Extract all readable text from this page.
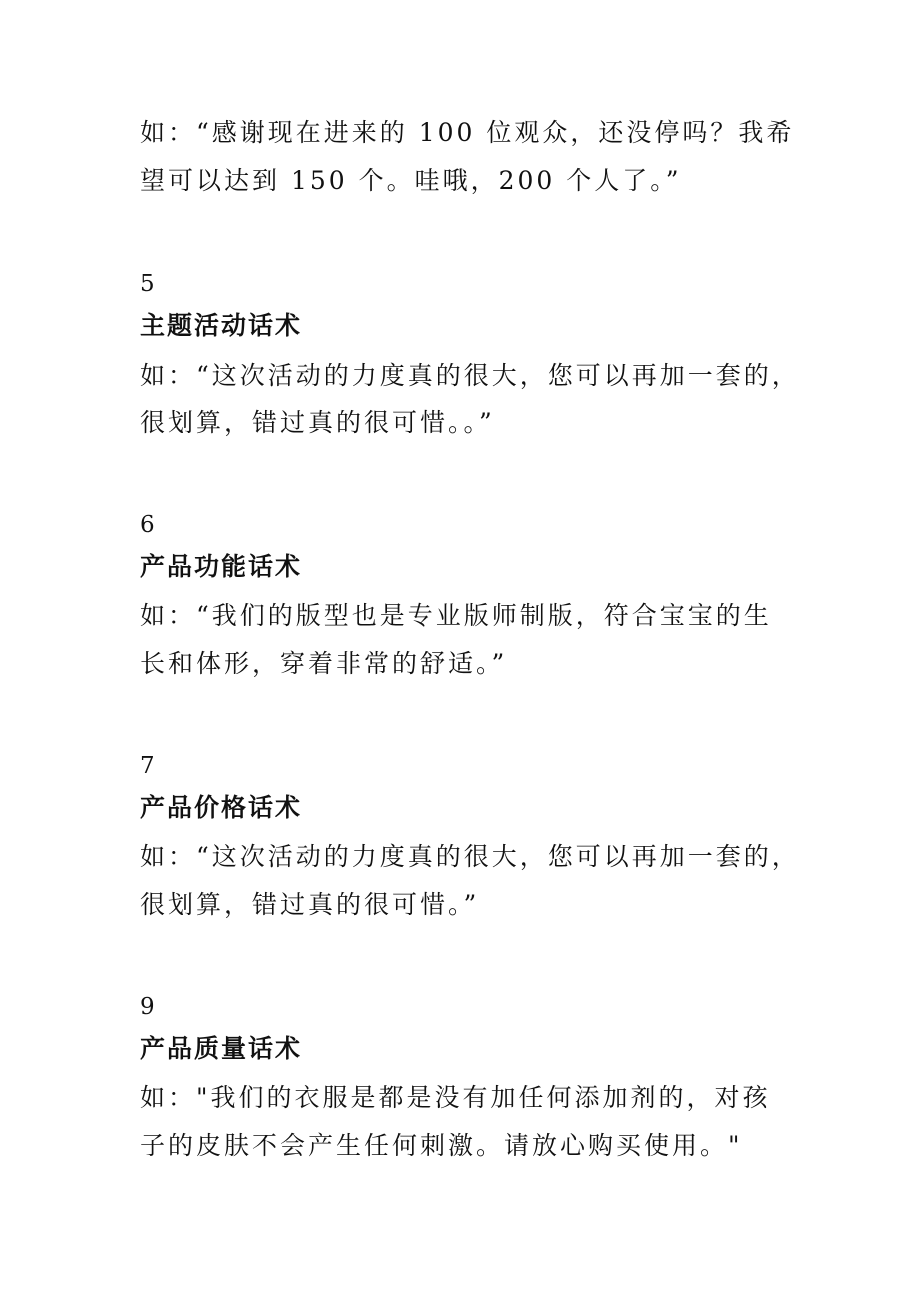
如：“感谢现在进来的 100 位观众，还没停吗？我希
望可以达到 150 个。哇哦，200 个人了。”
5
主题活动话术
如：“这次活动的力度真的很大，您可以再加一套的，
很划算，错过真的很可惜。。”
6
产品功能话术
如：“我们的版型也是专业版师制版，符合宝宝的生
长和体形，穿着非常的舒适。”
7
产品价格话术
如：“这次活动的力度真的很大，您可以再加一套的，
很划算，错过真的很可惜。”
9
产品质量话术
如："我们的衣服是都是没有加任何添加剂的，对孩
子的皮肤不会产生任何刺激。请放心购买使用。"
